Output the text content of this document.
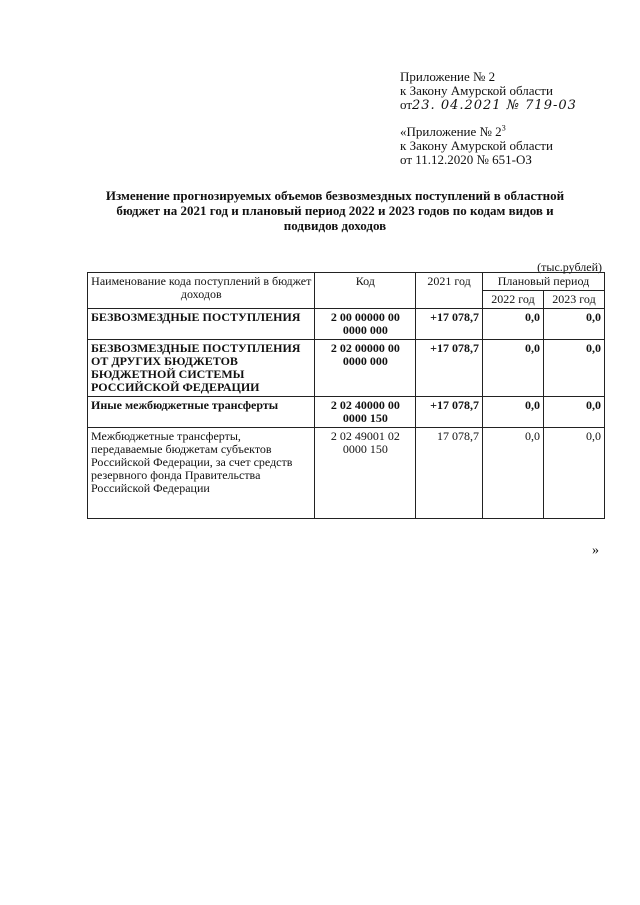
Приложение № 2
к Закону Амурской области
от23. 04.2021 № 719-03
«Приложение № $2^3$
к Закону Амурской области
от 11.12.2020 № 651-ОЗ
Изменение прогнозируемых объемов безвозмездных поступлений в областной бюджет на 2021 год и плановый период 2022 и 2023 годов по кодам видов и подвидов доходов
(тыс.рублей)
Наименование кода поступлений в бюджет доходов	Код	2021 год	Плановый период	
			2022 год	2023 год
БЕЗВОЗМЕЗДНЫЕ ПОСТУПЛЕНИЯ	2 00 00000 00 0000 000	+17 078,7	0,0	0,0
БЕЗВОЗМЕЗДНЫЕ ПОСТУПЛЕНИЯ ОТ ДРУГИХ БЮДЖЕТОВ БЮДЖЕТНОЙ СИСТЕМЫ РОССИЙСКОЙ ФЕДЕРАЦИИ	2 02 00000 00 0000 000	+17 078,7	0,0	0,0
Иные межбюджетные трансферты	2 02 40000 00 0000 150	+17 078,7	0,0	0,0
Межбюджетные трансферты, передаваемые бюджетам субъектов Российской Федерации, за счет средств резервного фонда Правительства Российской Федерации	2 02 49001 02 0000 150	17 078,7	0,0	0,0
»
